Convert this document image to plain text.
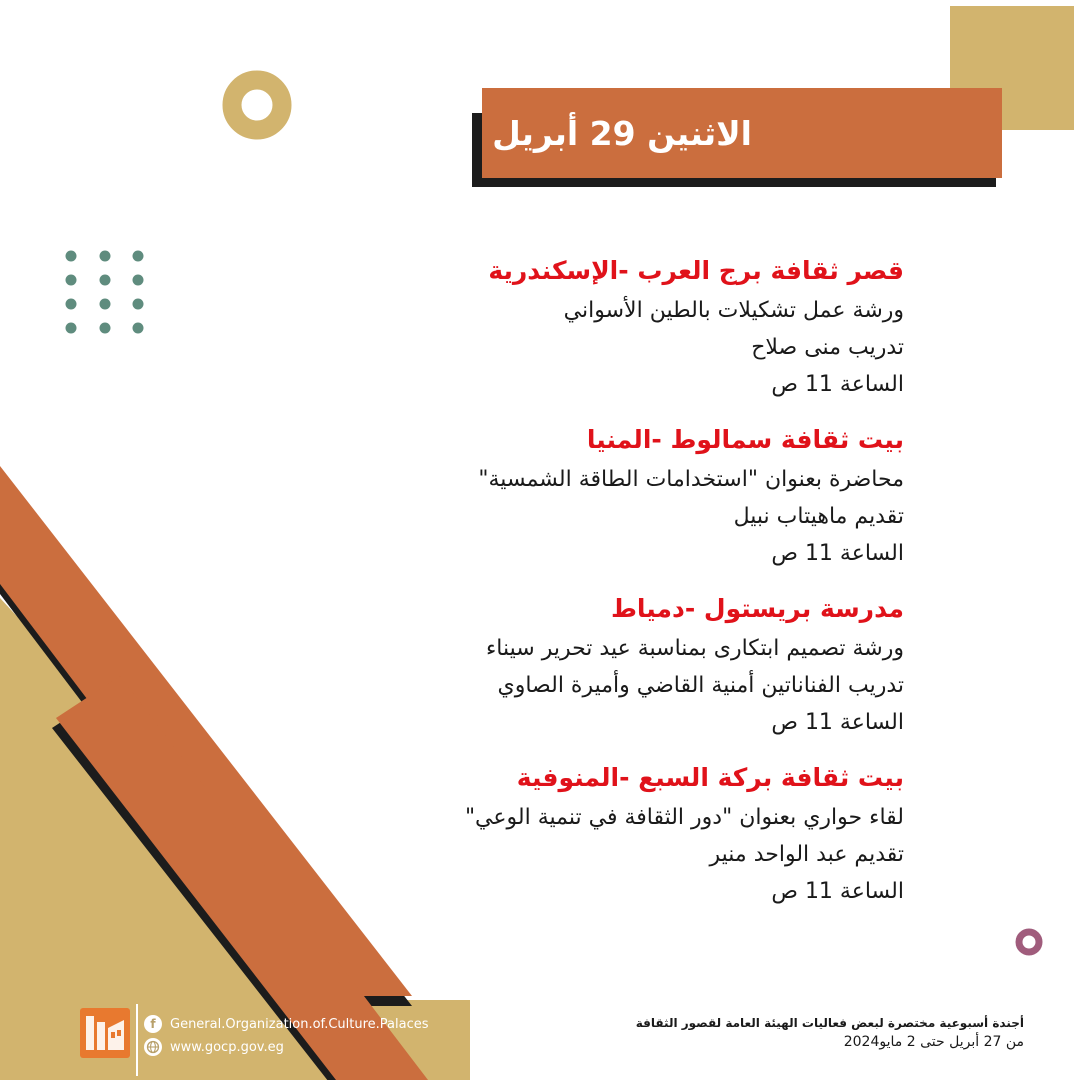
الاثنين 29 أبريل
قصر ثقافة برج العرب -الإسكندرية
ورشة عمل تشكيلات بالطين الأسواني
تدريب منى صلاح
الساعة 11 ص
بيت ثقافة سمالوط -المنيا
محاضرة بعنوان "استخدامات الطاقة الشمسية"
تقديم ماهيتاب نبيل
الساعة 11 ص
مدرسة بريستول -دمياط
ورشة تصميم ابتكارى بمناسبة عيد تحرير سيناء
تدريب الفناناتين أمنية القاضي وأميرة الصاوي
الساعة 11 ص
بيت ثقافة بركة السبع -المنوفية
لقاء حواري بعنوان "دور الثقافة في تنمية الوعي"
تقديم عبد الواحد منير
الساعة 11 ص
f	General.Organization.of.Culture.Palaces
www.gocp.gov.eg
أجندة أسبوعية مختصرة لبعض فعاليات الهيئة العامة لقصور الثقافة
من 27 أبريل حتى 2 مايو2024
